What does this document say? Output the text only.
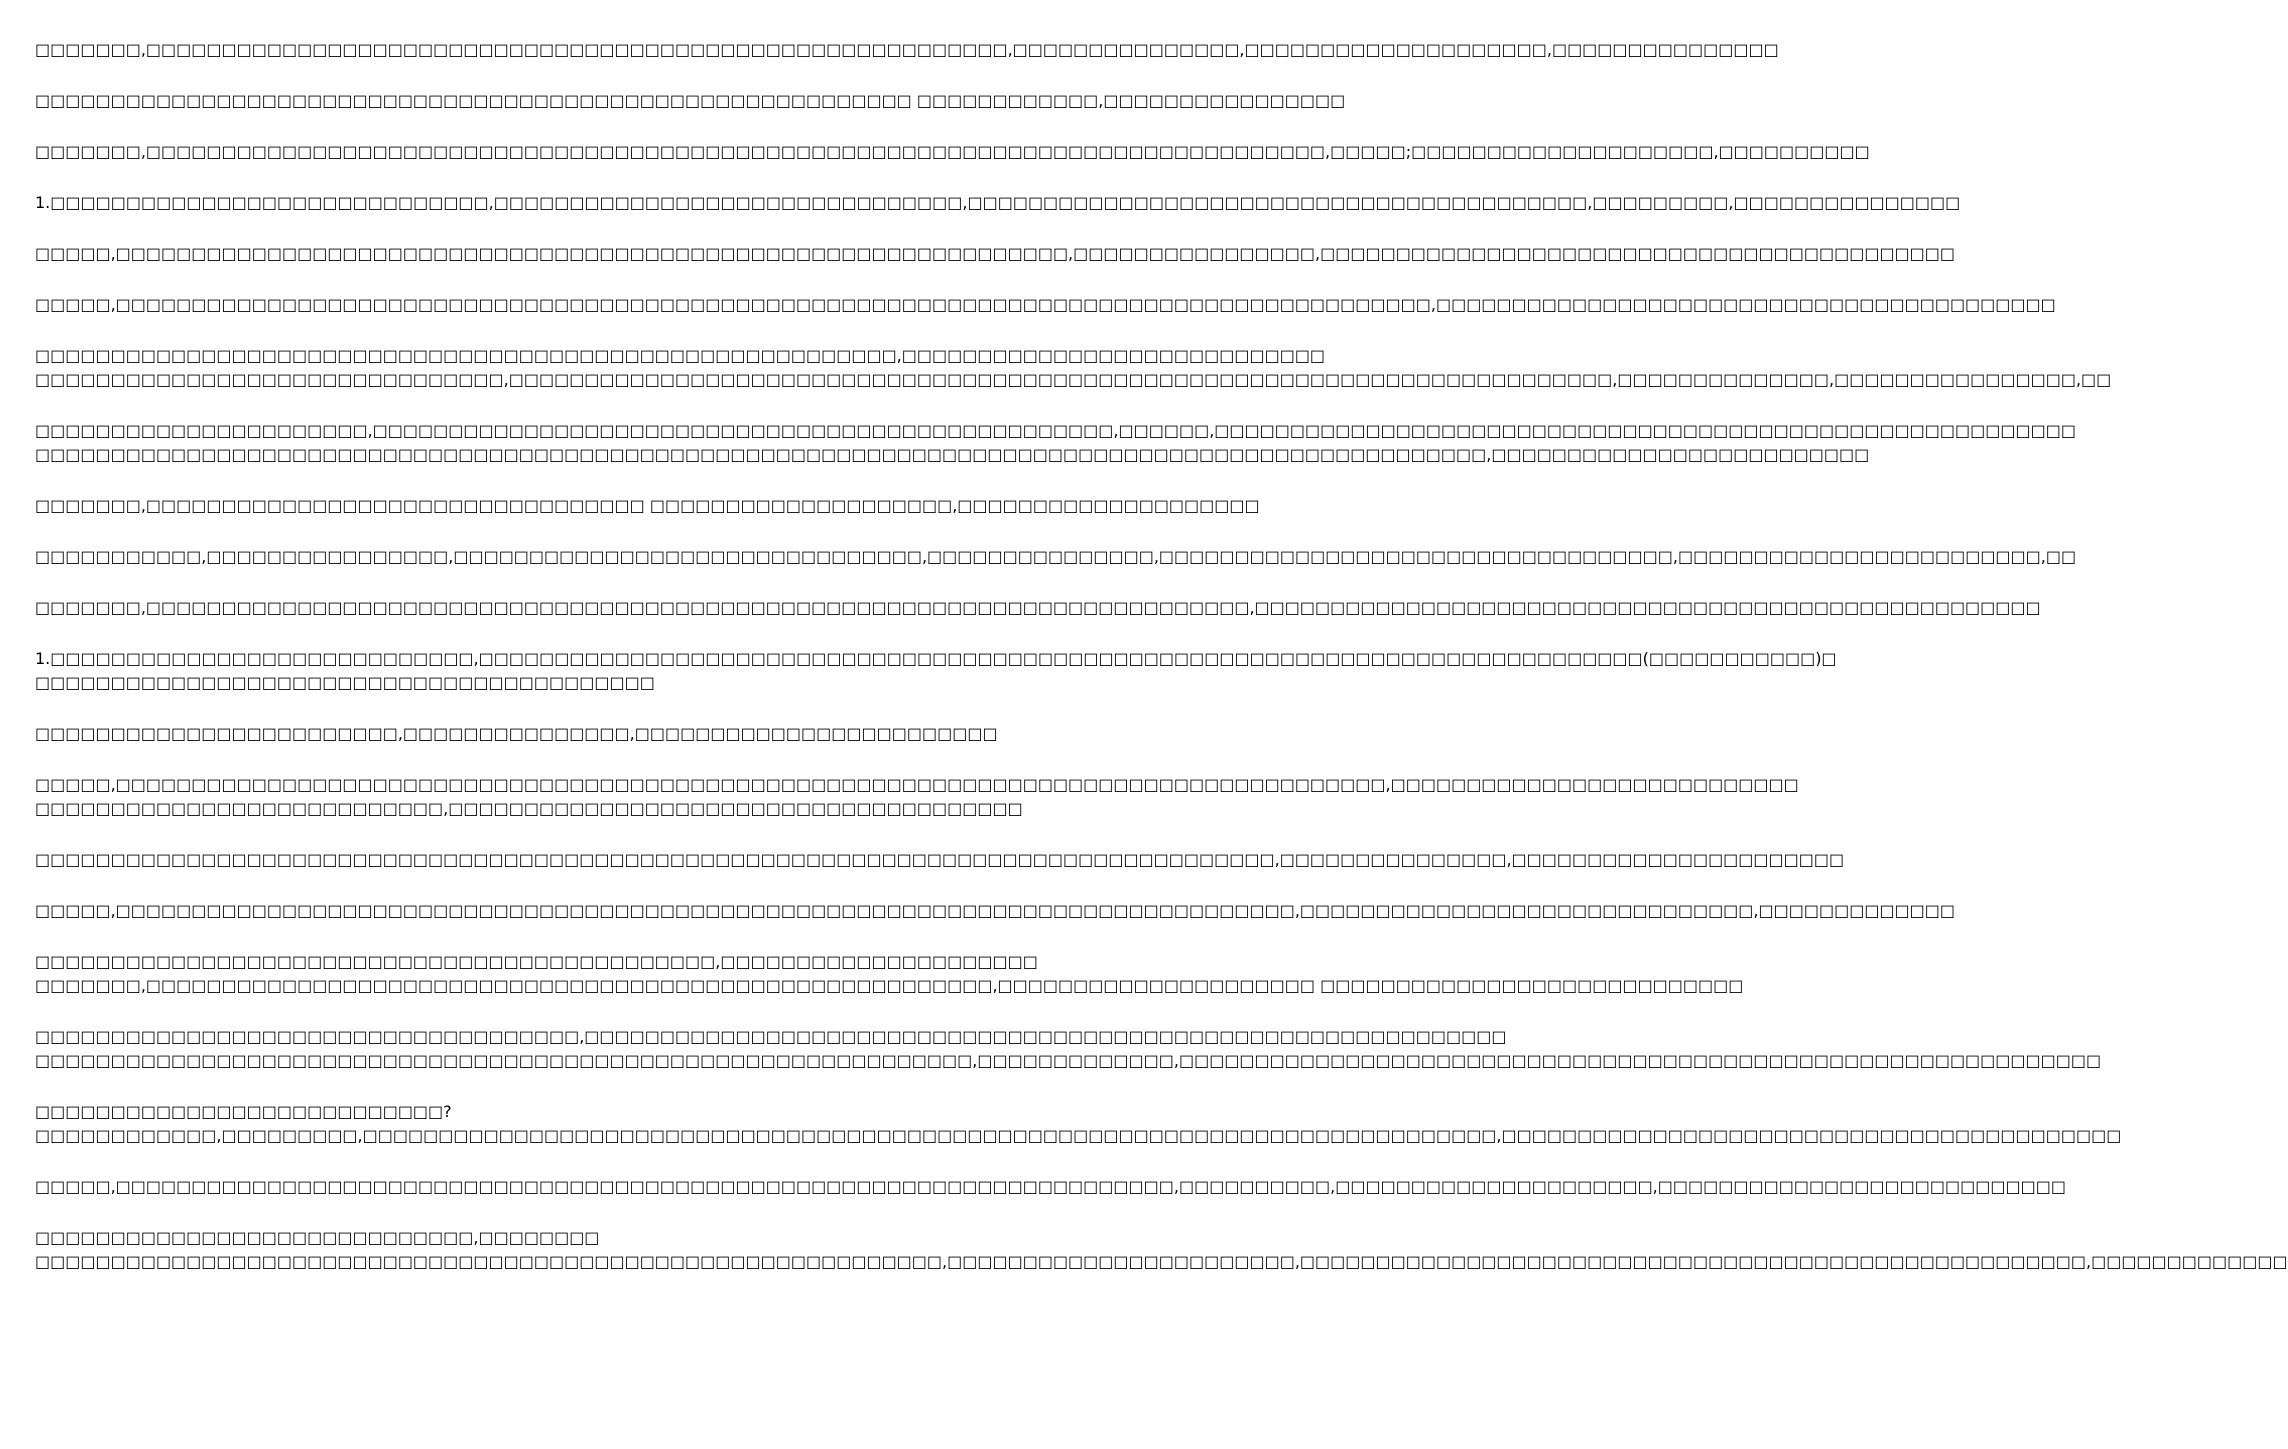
□□□□□□□,□□□□□□□□□□□□□□□□□□□□□□□□□□□□□□□□□□□□□□□□□□□□□□□□□□□□□□□□□,□□□□□□□□□□□□□□□,□□□□□□□□□□□□□□□□□□□□,□□□□□□□□□□□□□□□

□□□□□□□□□□□□□□□□□□□□□□□□□□□□□□□□□□□□□□□□□□□□□□□□□□□□□□□□□□ □□□□□□□□□□□□,□□□□□□□□□□□□□□□□

□□□□□□□,□□□□□□□□□□□□□□□□□□□□□□□□□□□□□□□□□□□□□□□□□□□□□□□□□□□□□□□□□□□□□□□□□□□□□□□□□□□□□□,□□□□□;□□□□□□□□□□□□□□□□□□□□,□□□□□□□□□□

1.□□□□□□□□□□□□□□□□□□□□□□□□□□□□□,□□□□□□□□□□□□□□□□□□□□□□□□□□□□□□□,□□□□□□□□□□□□□□□□□□□□□□□□□□□□□□□□□□□□□□□□□,□□□□□□□□□,□□□□□□□□□□□□□□□

□□□□□,□□□□□□□□□□□□□□□□□□□□□□□□□□□□□□□□□□□□□□□□□□□□□□□□□□□□□□□□□□□□□□□,□□□□□□□□□□□□□□□□,□□□□□□□□□□□□□□□□□□□□□□□□□□□□□□□□□□□□□□□□□□

□□□□□,□□□□□□□□□□□□□□□□□□□□□□□□□□□□□□□□□□□□□□□□□□□□□□□□□□□□□□□□□□□□□□□□□□□□□□□□□□□□□□□□□□□□□□□,□□□□□□□□□□□□□□□□□□□□□□□□□□□□□□□□□□□□□□□□□

□□□□□□□□□□□□□□□□□□□□□□□□□□□□□□□□□□□□□□□□□□□□□□□□□□□□□□□□□,□□□□□□□□□□□□□□□□□□□□□□□□□□□□
□□□□□□□□□□□□□□□□□□□□□□□□□□□□□□□,□□□□□□□□□□□□□□□□□□□□□□□□□□□□□□□□□□□□□□□□□□□□□□□□□□□□□□□□□□□□□□□□□□□□□□□□□,□□□□□□□□□□□□□□,□□□□□□□□□□□□□□□□,□□

□□□□□□□□□□□□□□□□□□□□□□,□□□□□□□□□□□□□□□□□□□□□□□□□□□□□□□□□□□□□□□□□□□□□□□□□,□□□□□□,□□□□□□□□□□□□□□□□□□□□□□□□□□□□□□□□□□□□□□□□□□□□□□□□□□□□□□□□□
□□□□□□□□□□□□□□□□□□□□□□□□□□□□□□□□□□□□□□□□□□□□□□□□□□□□□□□□□□□□□□□□□□□□□□□□□□□□□□□□□□□□□□□□□□□□□□□□,□□□□□□□□□□□□□□□□□□□□□□□□□

□□□□□□□,□□□□□□□□□□□□□□□□□□□□□□□□□□□□□□□□□ □□□□□□□□□□□□□□□□□□□□,□□□□□□□□□□□□□□□□□□□□

□□□□□□□□□□□,□□□□□□□□□□□□□□□□,□□□□□□□□□□□□□□□□□□□□□□□□□□□□□□□,□□□□□□□□□□□□□□□,□□□□□□□□□□□□□□□□□□□□□□□□□□□□□□□□□□,□□□□□□□□□□□□□□□□□□□□□□□□,□□

□□□□□□□,□□□□□□□□□□□□□□□□□□□□□□□□□□□□□□□□□□□□□□□□□□□□□□□□□□□□□□□□□□□□□□□□□□□□□□□□□,□□□□□□□□□□□□□□□□□□□□□□□□□□□□□□□□□□□□□□□□□□□□□□□□□□□□

1.□□□□□□□□□□□□□□□□□□□□□□□□□□□□,□□□□□□□□□□□□□□□□□□□□□□□□□□□□□□□□□□□□□□□□□□□□□□□□□□□□□□□□□□□□□□□□□□□□□□□□□□□□□(□□□□□□□□□□□)□
□□□□□□□□□□□□□□□□□□□□□□□□□□□□□□□□□□□□□□□□□

□□□□□□□□□□□□□□□□□□□□□□□□,□□□□□□□□□□□□□□□,□□□□□□□□□□□□□□□□□□□□□□□□

□□□□□,□□□□□□□□□□□□□□□□□□□□□□□□□□□□□□□□□□□□□□□□□□□□□□□□□□□□□□□□□□□□□□□□□□□□□□□□□□□□□□□□□□□□,□□□□□□□□□□□□□□□□□□□□□□□□□□□
□□□□□□□□□□□□□□□□□□□□□□□□□□□,□□□□□□□□□□□□□□□□□□□□□□□□□□□□□□□□□□□□□□

□□□□□□□□□□□□□□□□□□□□□□□□□□□□□□□□□□□□□□□□□□□□□□□□□□□□□□□□□□□□□□□□□□□□□□□□□□□□□□□□□□,□□□□□□□□□□□□□□□,□□□□□□□□□□□□□□□□□□□□□□

□□□□□,□□□□□□□□□□□□□□□□□□□□□□□□□□□□□□□□□□□□□□□□□□□□□□□□□□□□□□□□□□□□□□□□□□□□□□□□□□□□□□,□□□□□□□□□□□□□□□□□□□□□□□□□□□□□□,□□□□□□□□□□□□□

□□□□□□□□□□□□□□□□□□□□□□□□□□□□□□□□□□□□□□□□□□□□□,□□□□□□□□□□□□□□□□□□□□□
□□□□□□□,□□□□□□□□□□□□□□□□□□□□□□□□□□□□□□□□□□□□□□□□□□□□□□□□□□□□□□□□,□□□□□□□□□□□□□□□□□□□□□ □□□□□□□□□□□□□□□□□□□□□□□□□□□□

□□□□□□□□□□□□□□□□□□□□□□□□□□□□□□□□□□□□,□□□□□□□□□□□□□□□□□□□□□□□□□□□□□□□□□□□□□□□□□□□□□□□□□□□□□□□□□□□□□
□□□□□□□□□□□□□□□□□□□□□□□□□□□□□□□□□□□□□□□□□□□□□□□□□□□□□□□□□□□□□□,□□□□□□□□□□□□□,□□□□□□□□□□□□□□□□□□□□□□□□□□□□□□□□□□□□□□□□□□□□□□□□□□□□□□□□□□□□□

□□□□□□□□□□□□□□□□□□□□□□□□□□□?
□□□□□□□□□□□□,□□□□□□□□□,□□□□□□□□□□□□□□□□□□□□□□□□□□□□□□□□□□□□□□□□□□□□□□□□□□□□□□□□□□□□□□□□□□□□□□□□□□□,□□□□□□□□□□□□□□□□□□□□□□□□□□□□□□□□□□□□□□□□□

□□□□□,□□□□□□□□□□□□□□□□□□□□□□□□□□□□□□□□□□□□□□□□□□□□□□□□□□□□□□□□□□□□□□□□□□□□□□,□□□□□□□□□□,□□□□□□□□□□□□□□□□□□□□□,□□□□□□□□□□□□□□□□□□□□□□□□□□□

□□□□□□□□□□□□□□□□□□□□□□□□□□□□□,□□□□□□□□
□□□□□□□□□□□□□□□□□□□□□□□□□□□□□□□□□□□□□□□□□□□□□□□□□□□□□□□□□□□□,□□□□□□□□□□□□□□□□□□□□□□□,□□□□□□□□□□□□□□□□□□□□□□□□□□□□□□□□□□□□□□□□□□□□□□□□□□□□,□□□□□□□□□□□□□
